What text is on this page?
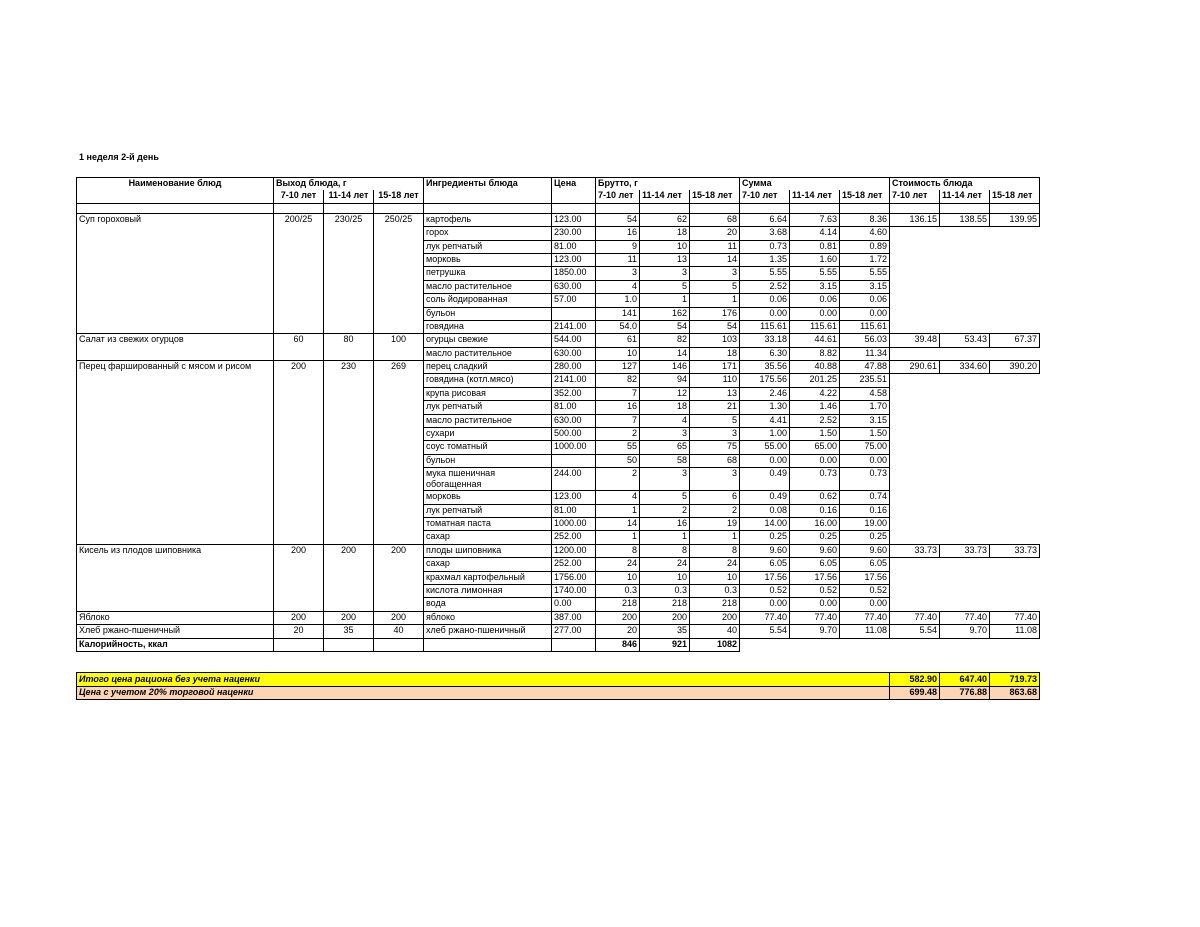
1 неделя 2-й день
Наименование блюд	Выход блюда, г			Ингредиенты блюда	Цена	Брутто, г			Сумма			Стоимость блюда		
	7-10 лет	11-14 лет	15-18 лет			7-10 лет	11-14 лет	15-18 лет	7-10 лет	11-14 лет	15-18 лет	7-10 лет	11-14 лет	15-18 лет

Суп гороховый	200/25	230/25	250/25	картофель	123.00	54	62	68	6.64	7.63	8.36	136.15	138.55	139.95
				горох	230.00	16	18	20	3.68	4.14	4.60			
				лук репчатый	81.00	9	10	11	0.73	0.81	0.89			
				морковь	123.00	11	13	14	1.35	1.60	1.72			
				петрушка	1850.00	3	3	3	5.55	5.55	5.55			
				масло растительное	630.00	4	5	5	2.52	3.15	3.15			
				соль йодированная	57.00	1.0	1	1	0.06	0.06	0.06			
				бульон		141	162	176	0.00	0.00	0.00			
				говядина	2141.00	54.0	54	54	115.61	115.61	115.61			
Салат из свежих огурцов	60	80	100	огурцы свежие	544.00	61	82	103	33.18	44.61	56.03	39.48	53.43	67.37
				масло растительное	630.00	10	14	18	6.30	8.82	11.34			
Перец фаршированный с мясом и рисом	200	230	269	перец сладкий	280.00	127	146	171	35.56	40.88	47.88	290.61	334.60	390.20
				говядина (котл.мясо)	2141.00	82	94	110	175.56	201.25	235.51			
				крупа рисовая	352.00	7	12	13	2.46	4.22	4.58			
				лук репчатый	81.00	16	18	21	1.30	1.46	1.70			
				масло растительное	630.00	7	4	5	4.41	2.52	3.15			
				сухари	500.00	2	3	3	1.00	1.50	1.50			
				соус томатный	1000.00	55	65	75	55.00	65.00	75.00			
				бульон		50	58	68	0.00	0.00	0.00			
				мука пшеничная обогащенная	244.00	2	3	3	0.49	0.73	0.73			
				морковь	123.00	4	5	6	0.49	0.62	0.74			
				лук репчатый	81.00	1	2	2	0.08	0.16	0.16			
				томатная паста	1000.00	14	16	19	14.00	16.00	19.00			
				сахар	252.00	1	1	1	0.25	0.25	0.25			
Кисель из плодов шиповника	200	200	200	плоды шиповника	1200.00	8	8	8	9.60	9.60	9.60	33.73	33.73	33.73
				сахар	252.00	24	24	24	6.05	6.05	6.05			
				крахмал картофельный	1756.00	10	10	10	17.56	17.56	17.56			
				кислота лимонная	1740.00	0.3	0.3	0.3	0.52	0.52	0.52			
				вода	0.00	218	218	218	0.00	0.00	0.00			
Яблоко	200	200	200	яблоко	387.00	200	200	200	77.40	77.40	77.40	77.40	77.40	77.40
Хлеб ржано-пшеничный	20	35	40	хлеб ржано-пшеничный	277.00	20	35	40	5.54	9.70	11.08	5.54	9.70	11.08
Калорийность, ккал						846	921	1082						
Итого цена рациона без учета наценки	582.90	647.40	719.73
Цена с учетом 20% торговой наценки	699.48	776.88	863.68
